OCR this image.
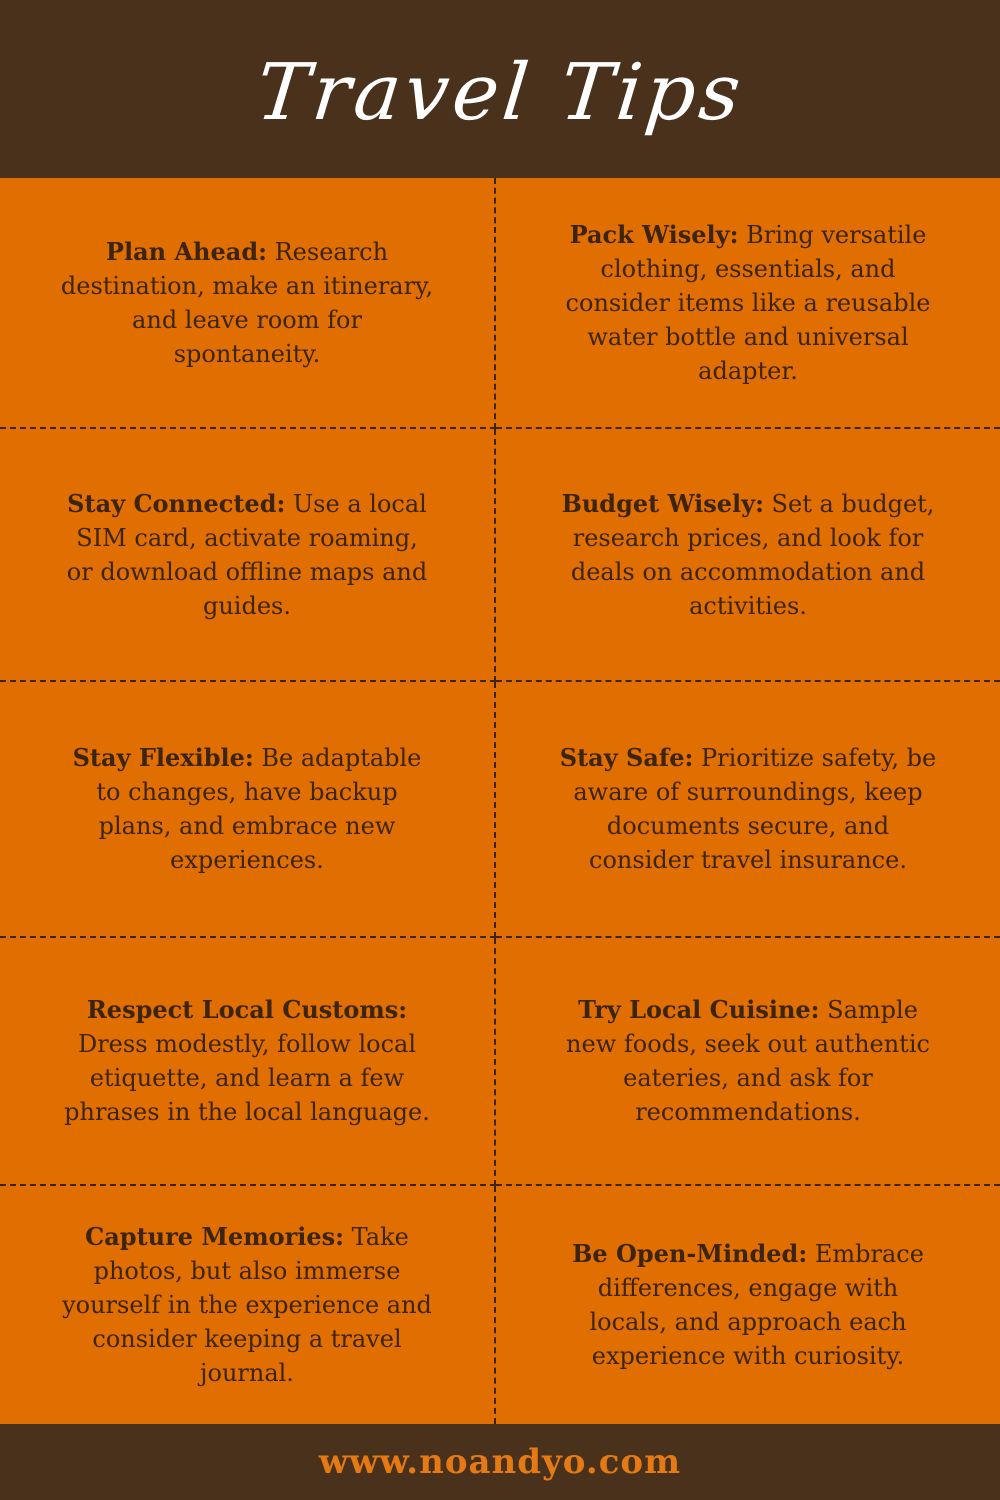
Travel Tips
Plan Ahead: Research destination, make an itinerary, and leave room for spontaneity.
Pack Wisely: Bring versatile clothing, essentials, and consider items like a reusable water bottle and universal adapter.
Stay Connected: Use a local SIM card, activate roaming, or download offline maps and guides.
Budget Wisely: Set a budget, research prices, and look for deals on accommodation and activities.
Stay Flexible: Be adaptable to changes, have backup plans, and embrace new experiences.
Stay Safe: Prioritize safety, be aware of surroundings, keep documents secure, and consider travel insurance.
Respect Local Customs: Dress modestly, follow local etiquette, and learn a few phrases in the local language.
Try Local Cuisine: Sample new foods, seek out authentic eateries, and ask for recommendations.
Capture Memories: Take photos, but also immerse yourself in the experience and consider keeping a travel journal.
Be Open-Minded: Embrace differences, engage with locals, and approach each experience with curiosity.
www.noandyo.com
